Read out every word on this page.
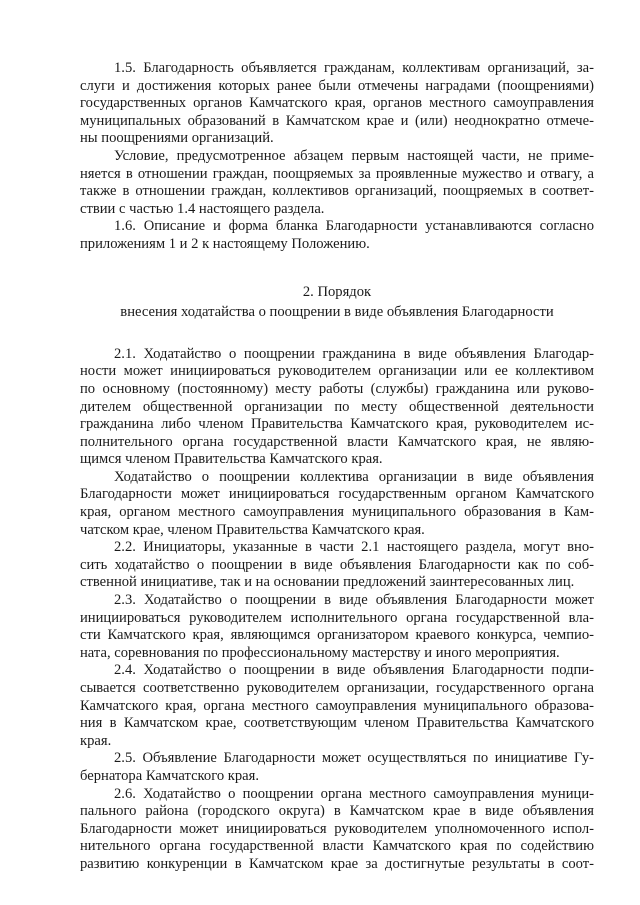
1.5. Благодарность объявляется гражданам, коллективам организаций, за-
слуги и достижения которых ранее были отмечены наградами (поощрениями)
государственных органов Камчатского края, органов местного самоуправления
муниципальных образований в Камчатском крае и (или) неоднократно отмече-
ны поощрениями организаций.
Условие, предусмотренное абзацем первым настоящей части, не приме-
няется в отношении граждан, поощряемых за проявленные мужество и отвагу, а
также в отношении граждан, коллективов организаций, поощряемых в соответ-
ствии с частью 1.4 настоящего раздела.
1.6. Описание и форма бланка Благодарности устанавливаются согласно
приложениям 1 и 2 к настоящему Положению.
2. Порядок
внесения ходатайства о поощрении в виде объявления Благодарности
2.1. Ходатайство о поощрении гражданина в виде объявления Благодар-
ности может инициироваться руководителем организации или ее коллективом
по основному (постоянному) месту работы (службы) гражданина или руково-
дителем общественной организации по месту общественной деятельности
гражданина либо членом Правительства Камчатского края, руководителем ис-
полнительного органа государственной власти Камчатского края, не являю-
щимся членом Правительства Камчатского края.
Ходатайство о поощрении коллектива организации в виде объявления
Благодарности может инициироваться государственным органом Камчатского
края, органом местного самоуправления муниципального образования в Кам-
чатском крае, членом Правительства Камчатского края.
2.2. Инициаторы, указанные в части 2.1 настоящего раздела, могут вно-
сить ходатайство о поощрении в виде объявления Благодарности как по соб-
ственной инициативе, так и на основании предложений заинтересованных лиц.
2.3. Ходатайство о поощрении в виде объявления Благодарности может
инициироваться руководителем исполнительного органа государственной вла-
сти Камчатского края, являющимся организатором краевого конкурса, чемпио-
ната, соревнования по профессиональному мастерству и иного мероприятия.
2.4. Ходатайство о поощрении в виде объявления Благодарности подпи-
сывается соответственно руководителем организации, государственного органа
Камчатского края, органа местного самоуправления муниципального образова-
ния в Камчатском крае, соответствующим членом Правительства Камчатского
края.
2.5. Объявление Благодарности может осуществляться по инициативе Гу-
бернатора Камчатского края.
2.6. Ходатайство о поощрении органа местного самоуправления муници-
пального района (городского округа) в Камчатском крае в виде объявления
Благодарности может инициироваться руководителем уполномоченного испол-
нительного органа государственной власти Камчатского края по содействию
развитию конкуренции в Камчатском крае за достигнутые результаты в соот-
